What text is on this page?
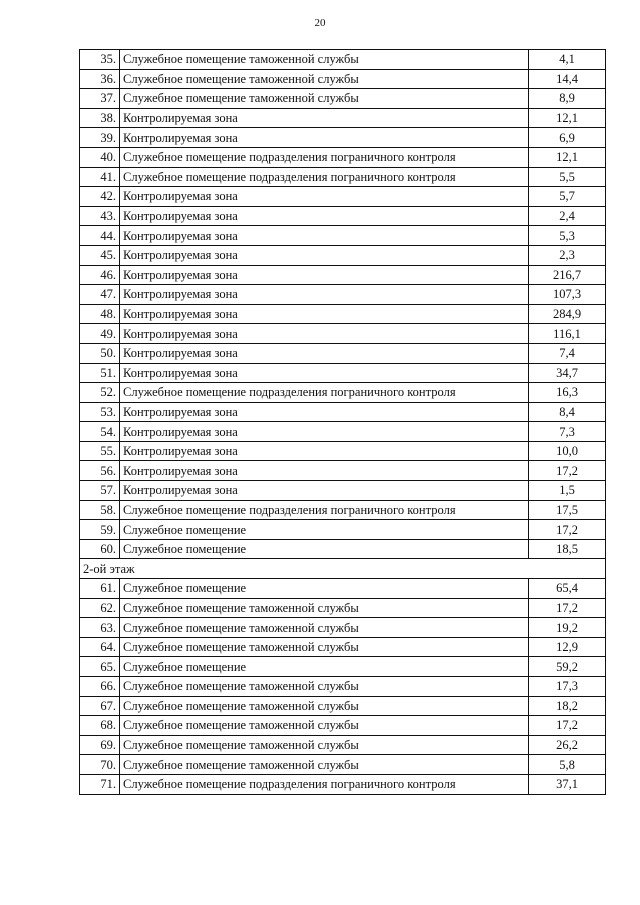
20
35.	Служебное помещение таможенной службы	4,1
36.	Служебное помещение таможенной службы	14,4
37.	Служебное помещение таможенной службы	8,9
38.	Контролируемая зона	12,1
39.	Контролируемая зона	6,9
40.	Служебное помещение подразделения пограничного контроля	12,1
41.	Служебное помещение подразделения пограничного контроля	5,5
42.	Контролируемая зона	5,7
43.	Контролируемая зона	2,4
44.	Контролируемая зона	5,3
45.	Контролируемая зона	2,3
46.	Контролируемая зона	216,7
47.	Контролируемая зона	107,3
48.	Контролируемая зона	284,9
49.	Контролируемая зона	116,1
50.	Контролируемая зона	7,4
51.	Контролируемая зона	34,7
52.	Служебное помещение подразделения пограничного контроля	16,3
53.	Контролируемая зона	8,4
54.	Контролируемая зона	7,3
55.	Контролируемая зона	10,0
56.	Контролируемая зона	17,2
57.	Контролируемая зона	1,5
58.	Служебное помещение подразделения пограничного контроля	17,5
59.	Служебное помещение	17,2
60.	Служебное помещение	18,5
2-ой этаж		
61.	Служебное помещение	65,4
62.	Служебное помещение таможенной службы	17,2
63.	Служебное помещение таможенной службы	19,2
64.	Служебное помещение таможенной службы	12,9
65.	Служебное помещение	59,2
66.	Служебное помещение таможенной службы	17,3
67.	Служебное помещение таможенной службы	18,2
68.	Служебное помещение таможенной службы	17,2
69.	Служебное помещение таможенной службы	26,2
70.	Служебное помещение таможенной службы	5,8
71.	Служебное помещение подразделения пограничного контроля	37,1
